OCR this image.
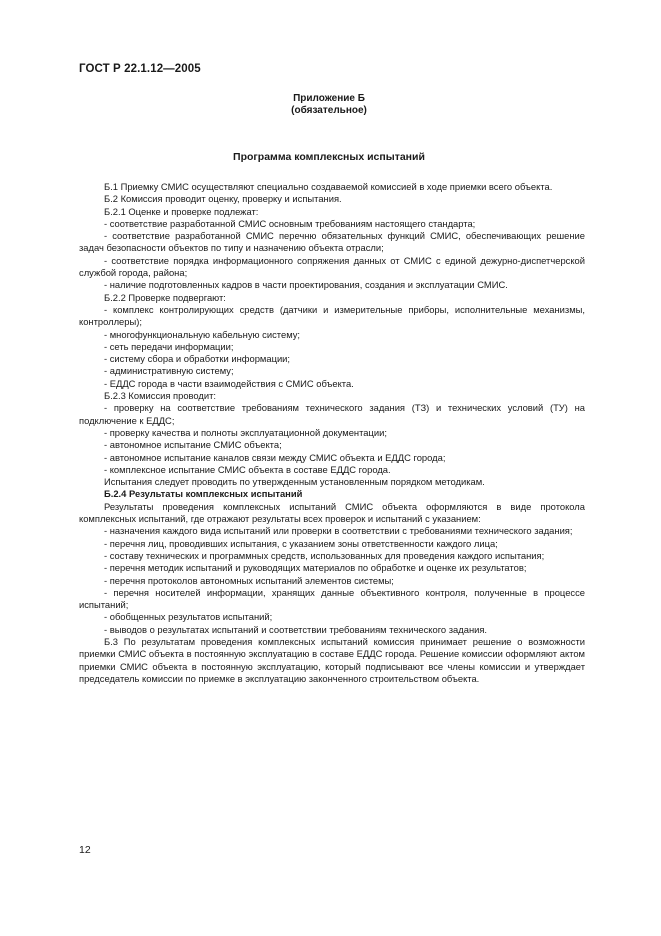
ГОСТ Р 22.1.12—2005
Приложение Б
(обязательное)
Программа комплексных испытаний

Б.1 Приемку СМИС осуществляют специально создаваемой комиссией в ходе приемки всего объекта.

Б.2 Комиссия проводит оценку, проверку и испытания.

Б.2.1 Оценке и проверке подлежат:

- соответствие разработанной СМИС основным требованиям настоящего стандарта;

- соответствие разработанной СМИС перечню обязательных функций СМИС, обеспечивающих решение задач безопасности объектов по типу и назначению объекта отрасли;

- соответствие порядка информационного сопряжения данных от СМИС с единой дежурно-диспетчерской службой города, района;

- наличие подготовленных кадров в части проектирования, создания и эксплуатации СМИС.

Б.2.2 Проверке подвергают:

- комплекс контролирующих средств (датчики и измерительные приборы, исполнительные механизмы, контроллеры);

- многофункциональную кабельную систему;

- сеть передачи информации;

- систему сбора и обработки информации;

- административную систему;

- ЕДДС города в части взаимодействия с СМИС объекта.

Б.2.3 Комиссия проводит:

- проверку на соответствие требованиям технического задания (ТЗ) и технических условий (ТУ) на подключение к ЕДДС;

- проверку качества и полноты эксплуатационной документации;

- автономное испытание СМИС объекта;

- автономное испытание каналов связи между СМИС объекта и ЕДДС города;

- комплексное испытание СМИС объекта в составе ЕДДС города.

Испытания следует проводить по утвержденным установленным порядком методикам.

Б.2.4 Результаты комплексных испытаний

Результаты проведения комплексных испытаний СМИС объекта оформляются в виде протокола комплексных испытаний, где отражают результаты всех проверок и испытаний с указанием:

- назначения каждого вида испытаний или проверки в соответствии с требованиями технического задания;

- перечня лиц, проводивших испытания, с указанием зоны ответственности каждого лица;

- составу технических и программных средств, использованных для проведения каждого испытания;

- перечня методик испытаний и руководящих материалов по обработке и оценке их результатов;

- перечня протоколов автономных испытаний элементов системы;

- перечня носителей информации, хранящих данные объективного контроля, полученные в процессе испытаний;

- обобщенных результатов испытаний;

- выводов о результатах испытаний и соответствии требованиям технического задания.

Б.3 По результатам проведения комплексных испытаний комиссия принимает решение о возможности приемки СМИС объекта в постоянную эксплуатацию в составе ЕДДС города. Решение комиссии оформляют актом приемки СМИС объекта в постоянную эксплуатацию, который подписывают все члены комиссии и утверждает председатель комиссии по приемке в эксплуатацию законченного строительством объекта.

12
